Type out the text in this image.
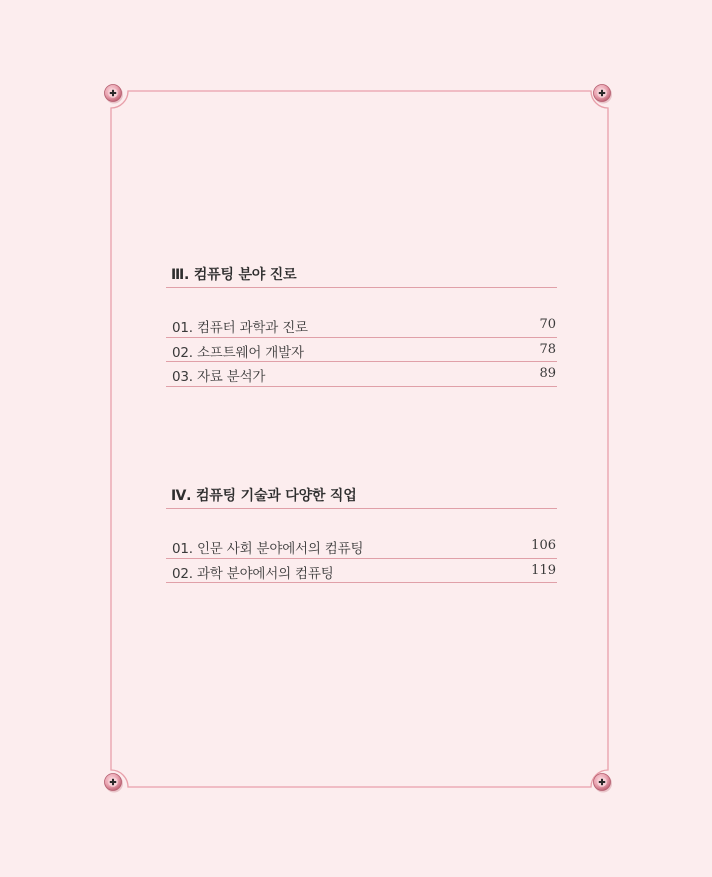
Ⅲ. 컴퓨팅 분야 진로
01. 컴퓨터 과학과 진로	70
02. 소프트웨어 개발자	78
03. 자료 분석가	89
Ⅳ. 컴퓨팅 기술과 다양한 직업
01. 인문 사회 분야에서의 컴퓨팅	106
02. 과학 분야에서의 컴퓨팅	119
